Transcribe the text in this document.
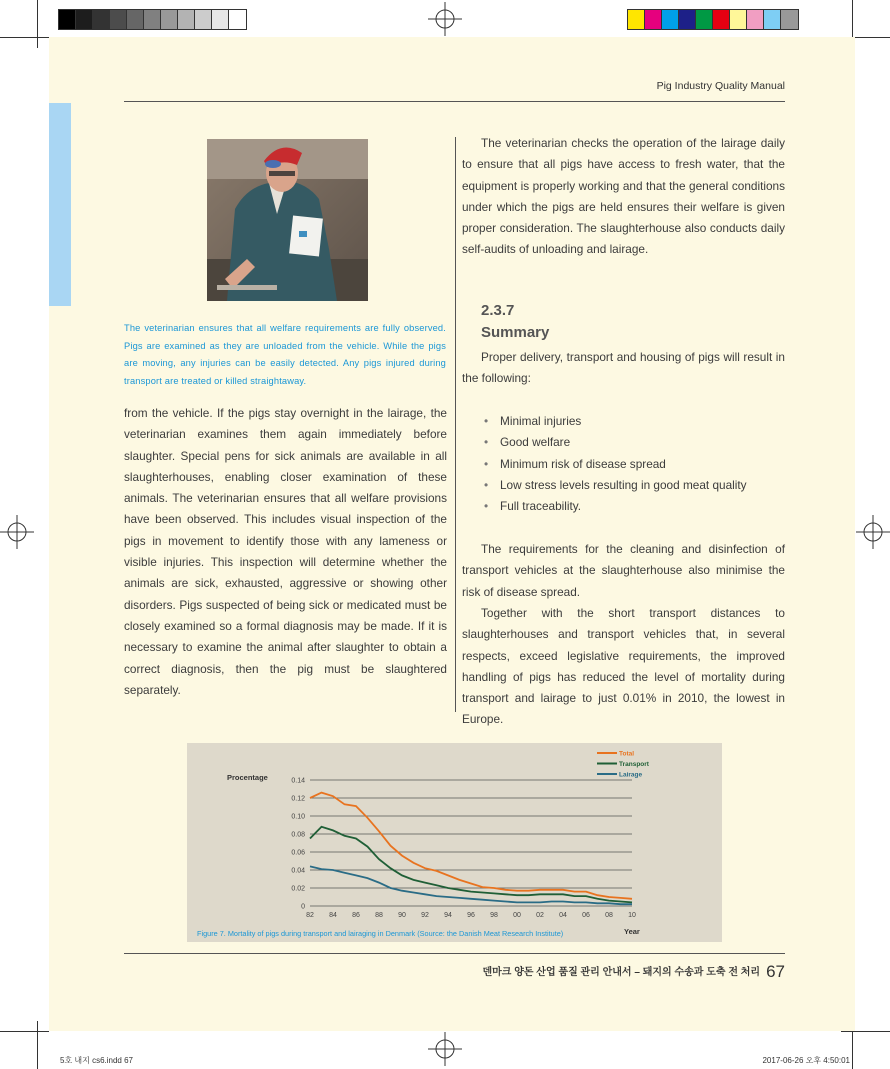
Pig Industry Quality Manual
The veterinarian ensures that all welfare requirements are fully observed. Pigs are examined as they are unloaded from the vehicle. While the pigs are moving, any injuries can be easily detected. Any pigs injured during transport are treated or killed straightaway.
from the vehicle. If the pigs stay overnight in the lairage, the veterinarian examines them again immediately before slaughter. Special pens for sick animals are available in all slaughterhouses, enabling closer examination of these animals. The veterinarian ensures that all welfare provisions have been observed. This includes visual inspection of the pigs in movement to identify those with any lameness or visible injuries. This inspection will determine whether the animals are sick, exhausted, aggressive or showing other disorders. Pigs suspected of being sick or medicated must be closely examined so a formal diagnosis may be made. If it is necessary to examine the animal after slaughter to obtain a correct diagnosis, then the pig must be slaughtered separately.
The veterinarian checks the operation of the lairage daily to ensure that all pigs have access to fresh water, that the equipment is properly working and that the general conditions under which the pigs are held ensures their welfare is given proper consideration. The slaughterhouse also conducts daily self-audits of unloading and lairage.
2.3.7
Summary
Proper delivery, transport and housing of pigs will result in the following:
• Minimal injuries
• Good welfare
• Minimum risk of disease spread
• Low stress levels resulting in good meat quality
• Full traceability.
The requirements for the cleaning and disinfection of transport vehicles at the slaughterhouse also minimise the risk of disease spread.
Together with the short transport distances to slaughterhouses and transport vehicles that, in several respects, exceed legislative requirements, the improved handling of pigs has reduced the level of mortality during transport and lairage to just 0.01% in 2010, the lowest in Europe.
0
0.02
0.04
0.06
0.08
0.10
0.12
0.14
82 84 86 88 90 92 94 96 98 00 02 04 06 08 10
Procentage
Year
Total
Transport
Lairage
Figure 7. Mortality of pigs during transport and lairaging in Denmark (Source: the Danish Meat Research Institute)
덴마크 양돈 산업 품질 관리 안내서 – 돼지의 수송과 도축 전 처리 67
5호 내지 cs6.indd 67	2017-06-26 오후 4:50:01
